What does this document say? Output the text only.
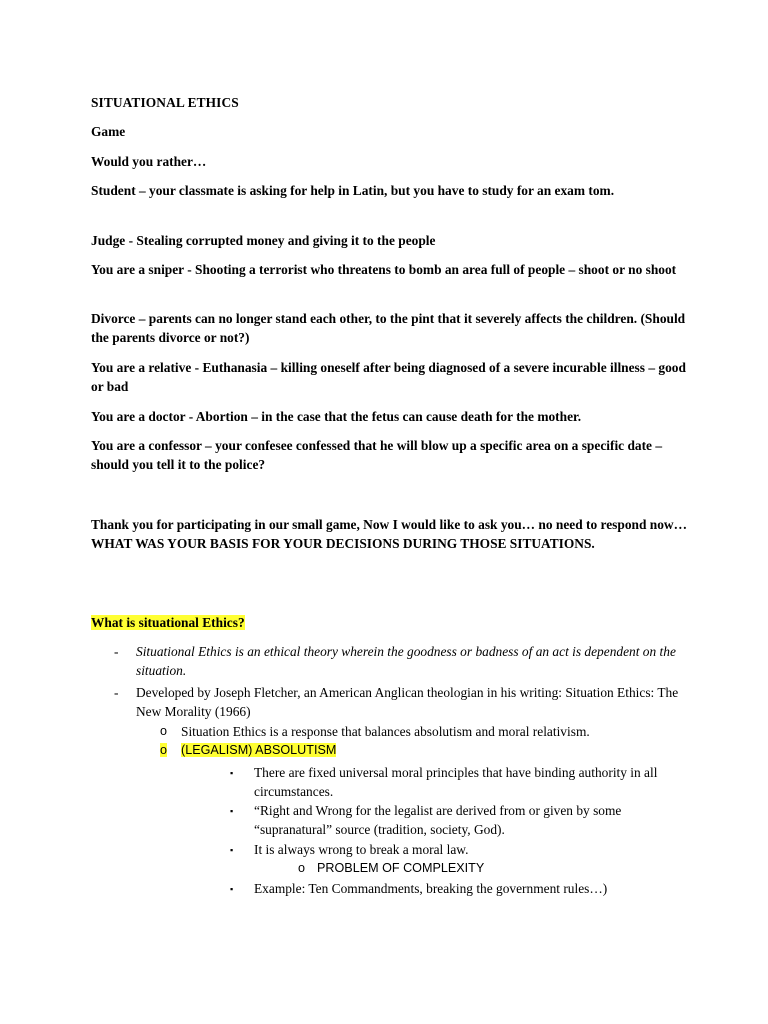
SITUATIONAL ETHICS
Game
Would you rather…
Student – your classmate is asking for help in Latin, but you have to study for an exam tom.
Judge - Stealing corrupted money and giving it to the people
You are a sniper - Shooting a terrorist who threatens to bomb an area full of people – shoot or no shoot
Divorce – parents can no longer stand each other, to the pint that it severely affects the children. (Should the parents divorce or not?)
You are a relative - Euthanasia – killing oneself after being diagnosed of a severe incurable illness – good or bad
You are a doctor - Abortion – in the case that the fetus can cause death for the mother.
You are a confessor – your confesee confessed that he will blow up a specific area on a specific date – should you tell it to the police?
Thank you for participating in our small game, Now I would like to ask you… no need to respond now… WHAT WAS YOUR BASIS FOR YOUR DECISIONS DURING THOSE SITUATIONS.
What is situational Ethics?
- Situational Ethics is an ethical theory wherein the goodness or badness of an act is dependent on the situation.
- Developed by Joseph Fletcher, an American Anglican theologian in his writing: Situation Ethics: The New Morality (1966)
o Situation Ethics is a response that balances absolutism and moral relativism.
o (LEGALISM) ABSOLUTISM
▪ There are fixed universal moral principles that have binding authority in all circumstances.
▪ “Right and Wrong for the legalist are derived from or given by some “supranatural” source (tradition, society, God).
▪ It is always wrong to break a moral law.
o PROBLEM OF COMPLEXITY
▪ Example: Ten Commandments, breaking the government rules…)
